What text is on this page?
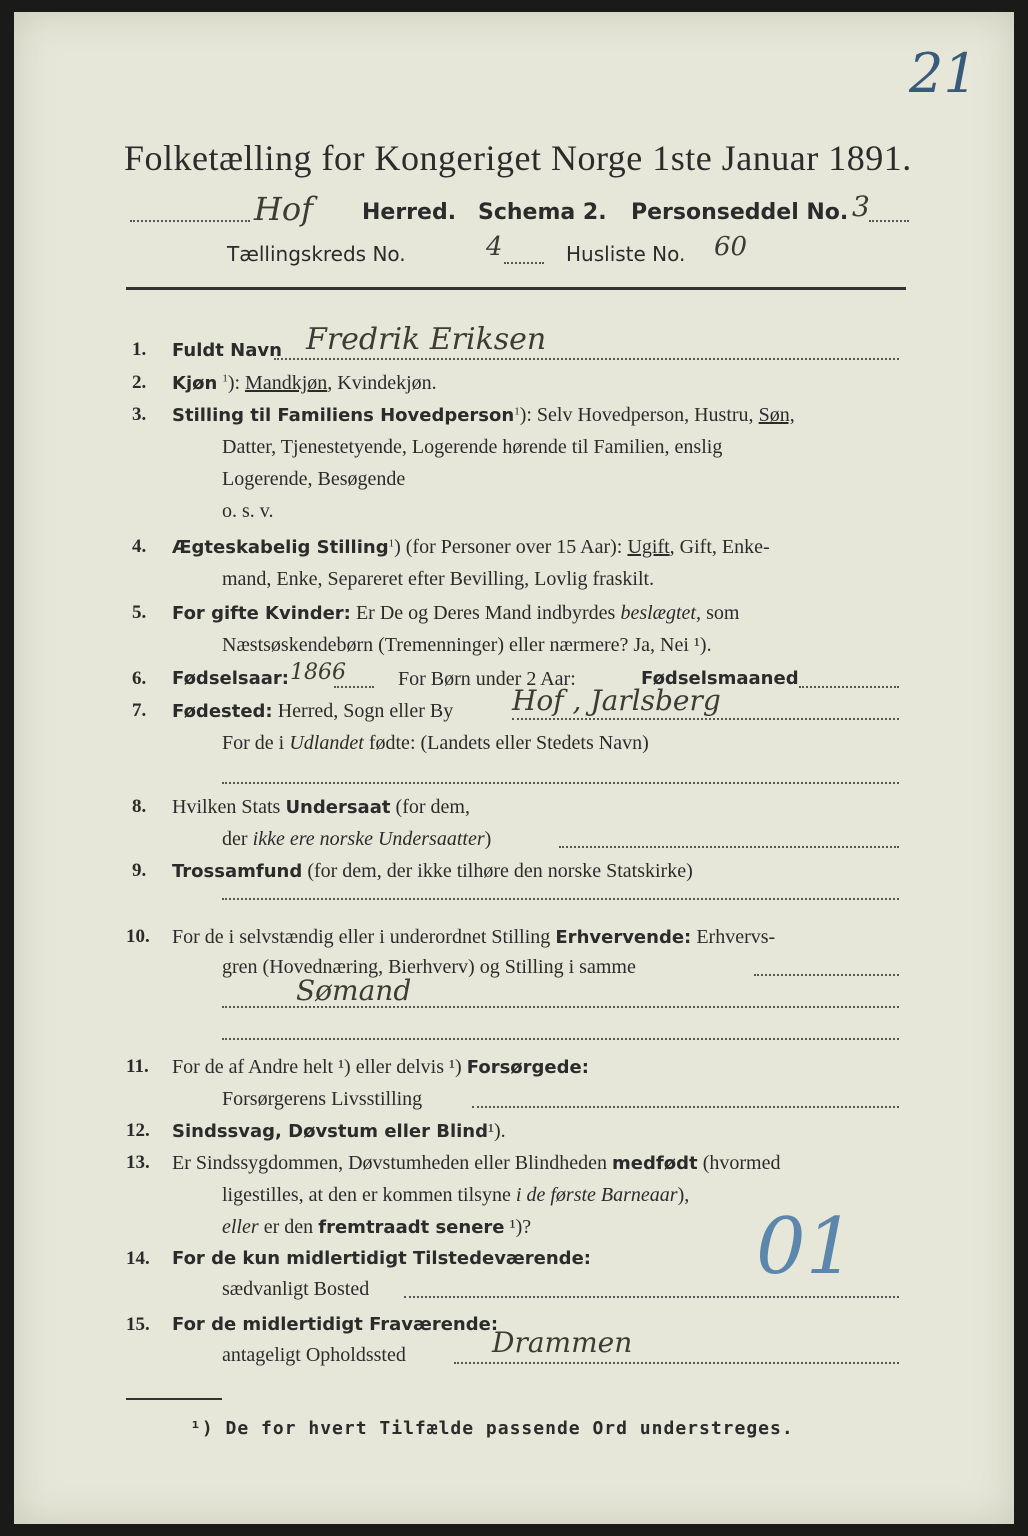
21
Folketælling for Kongeriget Norge 1ste Januar 1891.
Hof Herred. Schema 2. Personseddel No. 3
Tællingskreds No.	4	Husliste No. 60
1. Fuldt Navn Fredrik Eriksen
2. Kjøn $^1$): Mandkjøn, Kvindekjøn.
3. Stilling til Familiens Hovedperson$^1$): Selv Hovedperson, Hustru, Søn,
Datter, Tjenestetyende, Logerende hørende til Familien, enslig
Logerende, Besøgende
o. s. v.
4. Ægteskabelig Stilling$^1$) (for Personer over 15 Aar): Ugift, Gift, Enke-
mand, Enke, Separeret efter Bevilling, Lovlig fraskilt.
5. For gifte Kvinder: Er De og Deres Mand indbyrdes beslægtet, som
Næstsøskendebørn (Tremenninger) eller nærmere? Ja, Nei ¹).
6. Fødselsaar: 1866	For Børn under 2 Aar:	Fødselsmaaned
7. Fødested: Herred, Sogn eller By Hof , Jarlsberg
For de i Udlandet fødte: (Landets eller Stedets Navn)
8. Hvilken Stats Undersaat (for dem,
der ikke ere norske Undersaatter)
9. Trossamfund (for dem, der ikke tilhøre den norske Statskirke)
10. For de i selvstændig eller i underordnet Stilling Erhvervende: Erhvervs-
gren (Hovednæring, Bierhverv) og Stilling i samme
Sømand
11. For de af Andre helt ¹) eller delvis ¹) Forsørgede:
Forsørgerens Livsstilling
12. Sindssvag, Døvstum eller Blind¹).
13. Er Sindssygdommen, Døvstumheden eller Blindheden medfødt (hvormed
ligestilles, at den er kommen tilsyne i de første Barneaar),
eller er den fremtraadt senere ¹)?	01
14. For de kun midlertidigt Tilstedeværende:
sædvanligt Bosted
15. For de midlertidigt Fraværende:
antageligt Opholdssted	Drammen
¹) De for hvert Tilfælde passende Ord understreges.
